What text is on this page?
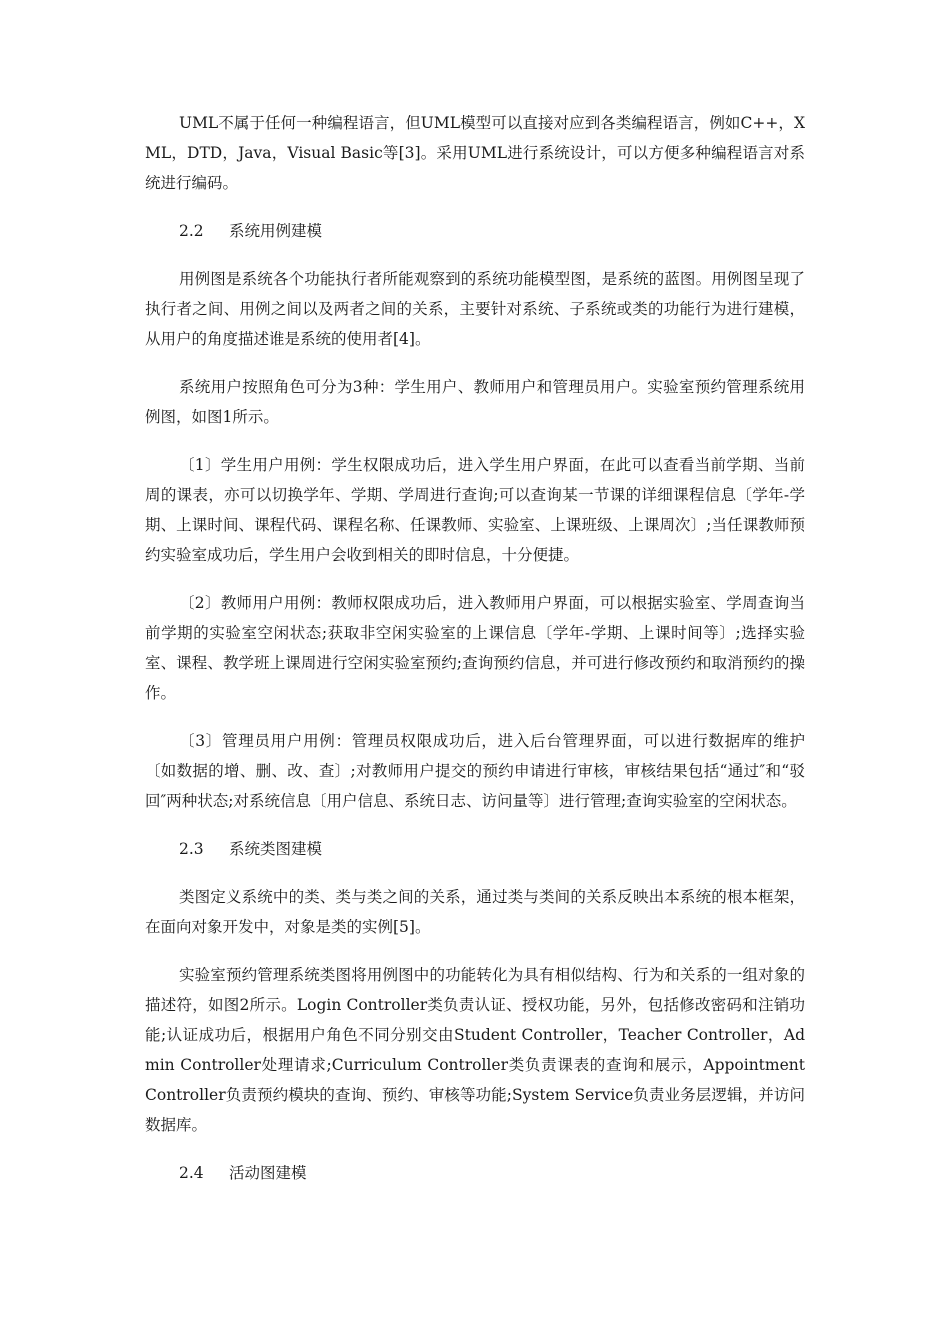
UML不属于任何一种编程语言，但UML模型可以直接对应到各类编程语言，例如C++，XML，DTD，Java，Visual Basic等[3]。采用UML进行系统设计，可以方便多种编程语言对系统进行编码。

2.2 系统用例建模

用例图是系统各个功能执行者所能观察到的系统功能模型图，是系统的蓝图。用例图呈现了执行者之间、用例之间以及两者之间的关系，主要针对系统、子系统或类的功能行为进行建模，从用户的角度描述谁是系统的使用者[4]。

系统用户按照角色可分为3种：学生用户、教师用户和管理员用户。实验室预约管理系统用例图，如图1所示。

〔1〕学生用户用例：学生权限成功后，进入学生用户界面，在此可以查看当前学期、当前周的课表，亦可以切换学年、学期、学周进行查询;可以查询某一节课的详细课程信息〔学年-学期、上课时间、课程代码、课程名称、任课教师、实验室、上课班级、上课周次〕;当任课教师预约实验室成功后，学生用户会收到相关的即时信息，十分便捷。

〔2〕教师用户用例：教师权限成功后，进入教师用户界面，可以根据实验室、学周查询当前学期的实验室空闲状态;获取非空闲实验室的上课信息〔学年-学期、上课时间等〕;选择实验室、课程、教学班上课周进行空闲实验室预约;查询预约信息，并可进行修改预约和取消预约的操作。

〔3〕管理员用户用例：管理员权限成功后，进入后台管理界面，可以进行数据库的维护〔如数据的增、删、改、查〕;对教师用户提交的预约申请进行审核，审核结果包括“通过″和“驳回″两种状态;对系统信息〔用户信息、系统日志、访问量等〕进行管理;查询实验室的空闲状态。

2.3 系统类图建模

类图定义系统中的类、类与类之间的关系，通过类与类间的关系反映出本系统的根本框架，在面向对象开发中，对象是类的实例[5]。

实验室预约管理系统类图将用例图中的功能转化为具有相似结构、行为和关系的一组对象的描述符，如图2所示。Login Controller类负责认证、授权功能，另外，包括修改密码和注销功能;认证成功后，根据用户角色不同分别交由Student Controller，Teacher Controller，Admin Controller处理请求;Curriculum Controller类负责课表的查询和展示，Appointment Controller负责预约模块的查询、预约、审核等功能;System Service负责业务层逻辑，并访问数据库。

2.4 活动图建模
